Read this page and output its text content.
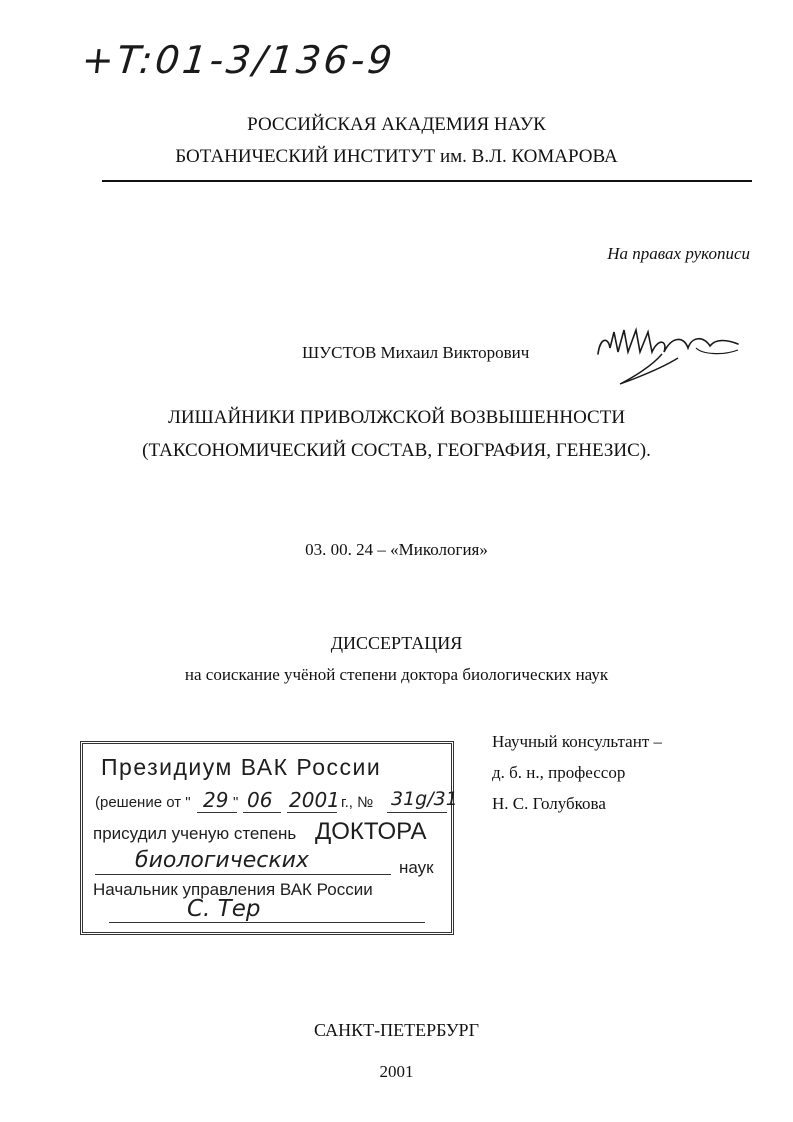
+T:01-3/136-9
РОССИЙСКАЯ АКАДЕМИЯ НАУК
БОТАНИЧЕСКИЙ ИНСТИТУТ им. В.Л. КОМАРОВА
На правах рукописи
ШУСТОВ Михаил Викторович
ЛИШАЙНИКИ ПРИВОЛЖСКОЙ ВОЗВЫШЕННОСТИ
(ТАКСОНОМИЧЕСКИЙ СОСТАВ, ГЕОГРАФИЯ, ГЕНЕЗИС).
03. 00. 24 – «Микология»
ДИССЕРТАЦИЯ
на соискание учёной степени доктора биологических наук
Научный консультант –
д. б. н., профессор
Н. С. Голубкова
Президиум ВАК России
(решение от " 29 " 06 2001 г., № 31g/31
присудил ученую степень ДОКТОРА
биологических	наук
Начальник управления ВАК России
С. Тер
САНКТ-ПЕТЕРБУРГ
2001
